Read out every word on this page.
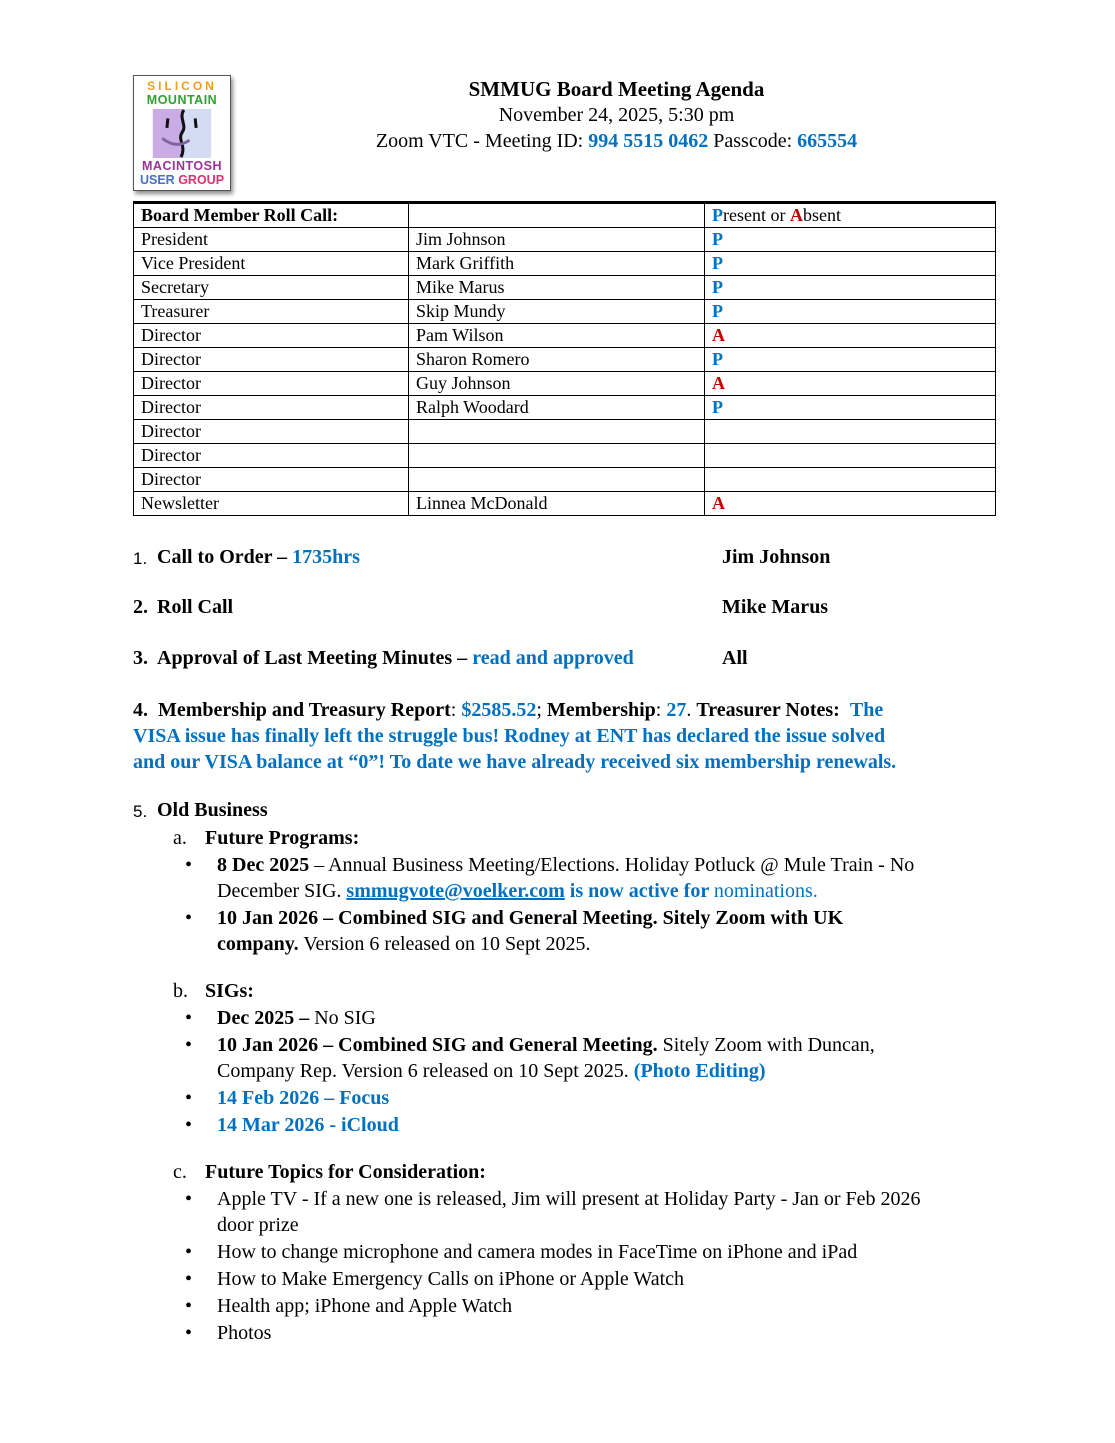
SILICON
MOUNTAIN
MACINTOSH
USER GROUP
SMMUG Board Meeting Agenda
November 24, 2025, 5:30 pm
Zoom VTC - Meeting ID: 994 5515 0462 Passcode: 665554
Board Member Roll Call:		Present or Absent
President	Jim Johnson	P
Vice President	Mark Griffith	P
Secretary	Mike Marus	P
Treasurer	Skip Mundy	P
Director	Pam Wilson	A
Director	Sharon Romero	P
Director	Guy Johnson	A
Director	Ralph Woodard	P
Director		
Director		
Director		
Newsletter	Linnea McDonald	A
1. Call to Order – 1735hrs	Jim Johnson
2. Roll Call	Mike Marus
3. Approval of Last Meeting Minutes – read and approved	All
4. Membership and Treasury Report: $2585.52; Membership: 27. Treasurer Notes: The
VISA issue has finally left the struggle bus! Rodney at ENT has declared the issue solved
and our VISA balance at “0”! To date we have already received six membership renewals.
5. Old Business
a. Future Programs:
•	8 Dec 2025 – Annual Business Meeting/Elections. Holiday Potluck @ Mule Train - No
December SIG. smmugvote@voelker.com is now active for nominations.
•	10 Jan 2026 – Combined SIG and General Meeting. Sitely Zoom with UK
company. Version 6 released on 10 Sept 2025.
b. SIGs:
•	Dec 2025 – No SIG
•	10 Jan 2026 – Combined SIG and General Meeting. Sitely Zoom with Duncan,
Company Rep. Version 6 released on 10 Sept 2025. (Photo Editing)
•	14 Feb 2026 – Focus
•	14 Mar 2026 - iCloud
c. Future Topics for Consideration:
•	Apple TV - If a new one is released, Jim will present at Holiday Party - Jan or Feb 2026
door prize
•	How to change microphone and camera modes in FaceTime on iPhone and iPad
•	How to Make Emergency Calls on iPhone or Apple Watch
•	Health app; iPhone and Apple Watch
•	Photos
